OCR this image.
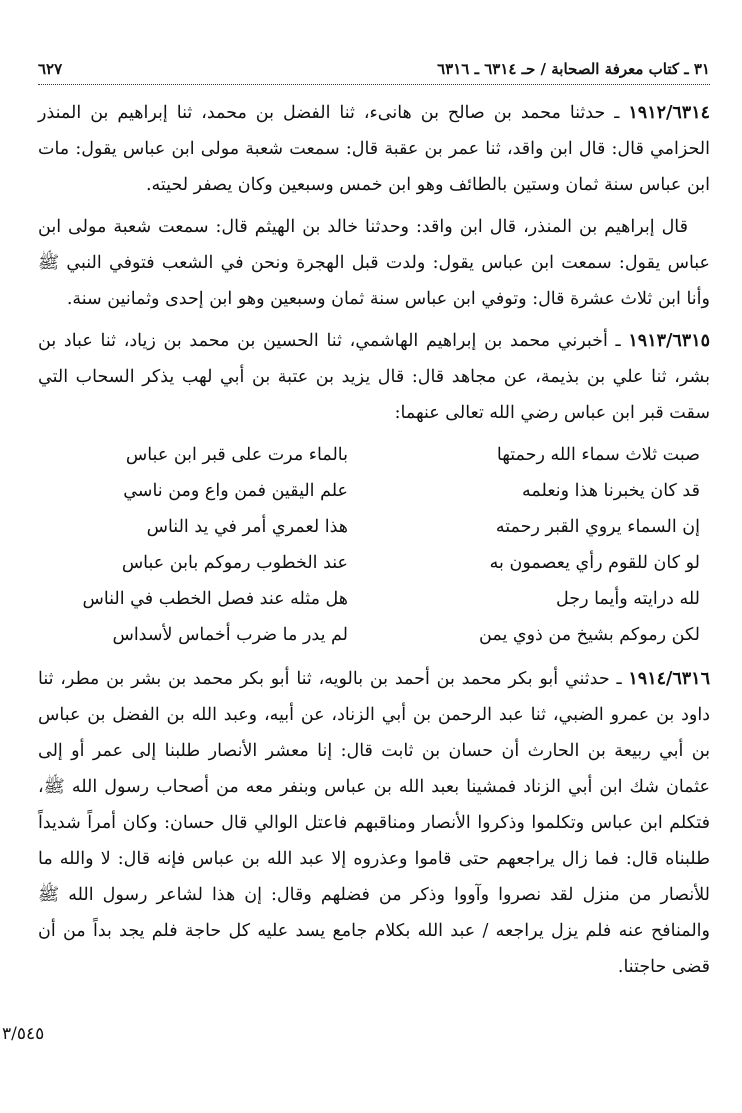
٣١ ـ كتاب معرفة الصحابة / حـ ٦٣١٤ ـ ٦٣١٦
٦٢٧

١٩١٢/٦٣١٤ ـ حدثنا محمد بن صالح بن هانىء، ثنا الفضل بن محمد، ثنا إبراهيم بن المنذر الحزامي قال: قال ابن واقد، ثنا عمر بن عقبة قال: سمعت شعبة مولى ابن عباس يقول: مات ابن عباس سنة ثمان وستين بالطائف وهو ابن خمس وسبعين وكان يصفر لحيته.

قال إبراهيم بن المنذر، قال ابن واقد: وحدثنا خالد بن الهيثم قال: سمعت شعبة مولى ابن عباس يقول: سمعت ابن عباس يقول: ولدت قبل الهجرة ونحن في الشعب فتوفي النبي ﷺ وأنا ابن ثلاث عشرة قال: وتوفي ابن عباس سنة ثمان وسبعين وهو ابن إحدى وثمانين سنة.

١٩١٣/٦٣١٥ ـ أخبرني محمد بن إبراهيم الهاشمي، ثنا الحسين بن محمد بن زياد، ثنا عباد بن بشر، ثنا علي بن بذيمة، عن مجاهد قال: قال يزيد بن عتبة بن أبي لهب يذكر السحاب التي سقت قبر ابن عباس رضي الله تعالى عنهما:

صبت ثلاث سماء الله رحمتها
بالماء مرت على قبر ابن عباس
قد كان يخبرنا هذا ونعلمه
علم اليقين فمن واع ومن ناسي
إن السماء يروي القبر رحمته
هذا لعمري أمر في يد الناس
لو كان للقوم رأي يعصمون به
عند الخطوب رموكم بابن عباس
لله درايته وأيما رجل
هل مثله عند فصل الخطب في الناس
لكن رموكم بشيخ من ذوي يمن
لم يدر ما ضرب أخماس لأسداس

١٩١٤/٦٣١٦ ـ حدثني أبو بكر محمد بن أحمد بن بالويه، ثنا أبو بكر محمد بن بشر بن مطر، ثنا داود بن عمرو الضبي، ثنا عبد الرحمن بن أبي الزناد، عن أبيه، وعبد الله بن الفضل بن عباس بن أبي ربيعة بن الحارث أن حسان بن ثابت قال: إنا معشر الأنصار طلبنا إلى عمر أو إلى عثمان شك ابن أبي الزناد فمشينا بعبد الله بن عباس وبنفر معه من أصحاب رسول الله ﷺ، فتكلم ابن عباس وتكلموا وذكروا الأنصار ومناقبهم فاعتل الوالي قال حسان: وكان أمراً شديداً طلبناه قال: فما زال يراجعهم حتى قاموا وعذروه إلا عبد الله بن عباس فإنه قال: لا والله ما للأنصار من منزل لقد نصروا وآووا وذكر من فضلهم وقال: إن هذا لشاعر رسول الله ﷺ والمنافح عنه فلم يزل يراجعه / عبد الله بكلام جامع يسد عليه كل حاجة فلم يجد بداً من أن قضى حاجتنا.

٣/٥٤٥
